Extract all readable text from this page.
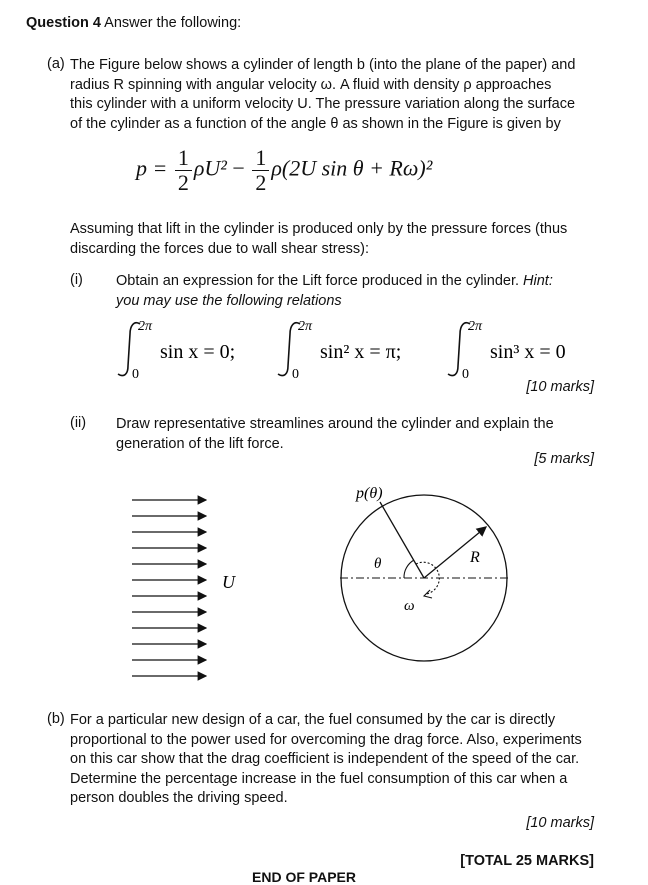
Question 4 Answer the following:
(a) The Figure below shows a cylinder of length b (into the plane of the paper) and
radius R spinning with angular velocity ω. A fluid with density ρ approaches
this cylinder with a uniform velocity U. The pressure variation along the surface
of the cylinder as a function of the angle θ as shown in the Figure is given by
$p = \frac{1}{2} \rho U^2 - \frac{1}{2} \rho(2U$ sin θ + Rω)²
Assuming that lift in the cylinder is produced only by the pressure forces (thus
discarding the forces due to wall shear stress):
(i) Obtain an expression for the Lift force produced in the cylinder. Hint:
you may use the following relations
2π
0
sin x = 0;
2π
0
sin² x = π;
2π
0
sin³ x = 0
[10 marks]
(ii) Draw representative streamlines around the cylinder and explain the
generation of the lift force.
[5 marks]
U
p(θ)
θ	R
ω
(b) For a particular new design of a car, the fuel consumed by the car is directly
proportional to the power used for overcoming the drag force. Also, experiments
on this car show that the drag coefficient is independent of the speed of the car.
Determine the percentage increase in the fuel consumption of this car when a
person doubles the driving speed.
[10 marks]
[TOTAL 25 MARKS]
END OF PAPER
